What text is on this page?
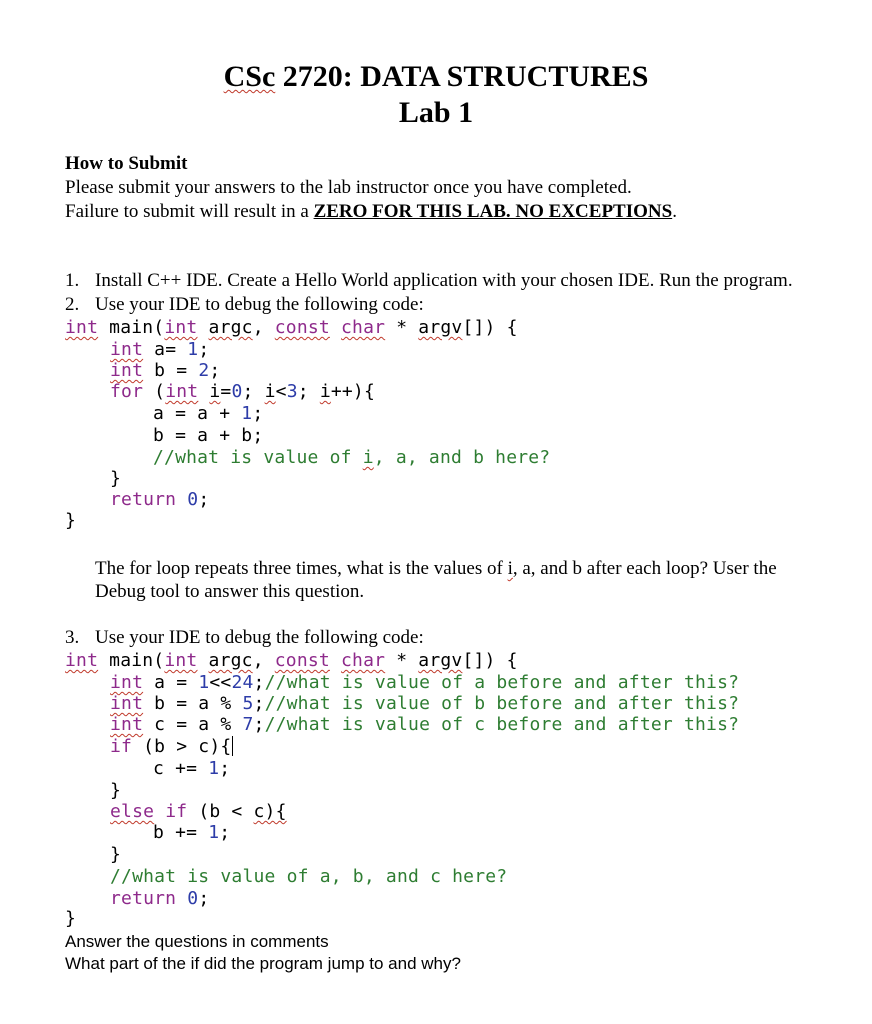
CSc 2720: DATA STRUCTURES
Lab 1
How to Submit
Please submit your answers to the lab instructor once you have completed.
Failure to submit will result in a ZERO FOR THIS LAB. NO EXCEPTIONS.
1. Install C++ IDE. Create a Hello World application with your chosen IDE. Run the program.
2. Use your IDE to debug the following code:
int main(int argc, const char * argv[]) {
int a= 1;
int b = 2;
for (int i=0; i<3; i++){
a = a + 1;
b = a + b;
//what is value of i, a, and b here?
}
return 0;
}
The for loop repeats three times, what is the values of i, a, and b after each loop? User the
Debug tool to answer this question.
3. Use your IDE to debug the following code:
int main(int argc, const char * argv[]) {
int a = 1<<24;//what is value of a before and after this?
int b = a % 5;//what is value of b before and after this?
int c = a % 7;//what is value of c before and after this?
if (b > c){
c += 1;
}
else if (b < c){
b += 1;
}
//what is value of a, b, and c here?
return 0;
}
Answer the questions in comments
What part of the if did the program jump to and why?
